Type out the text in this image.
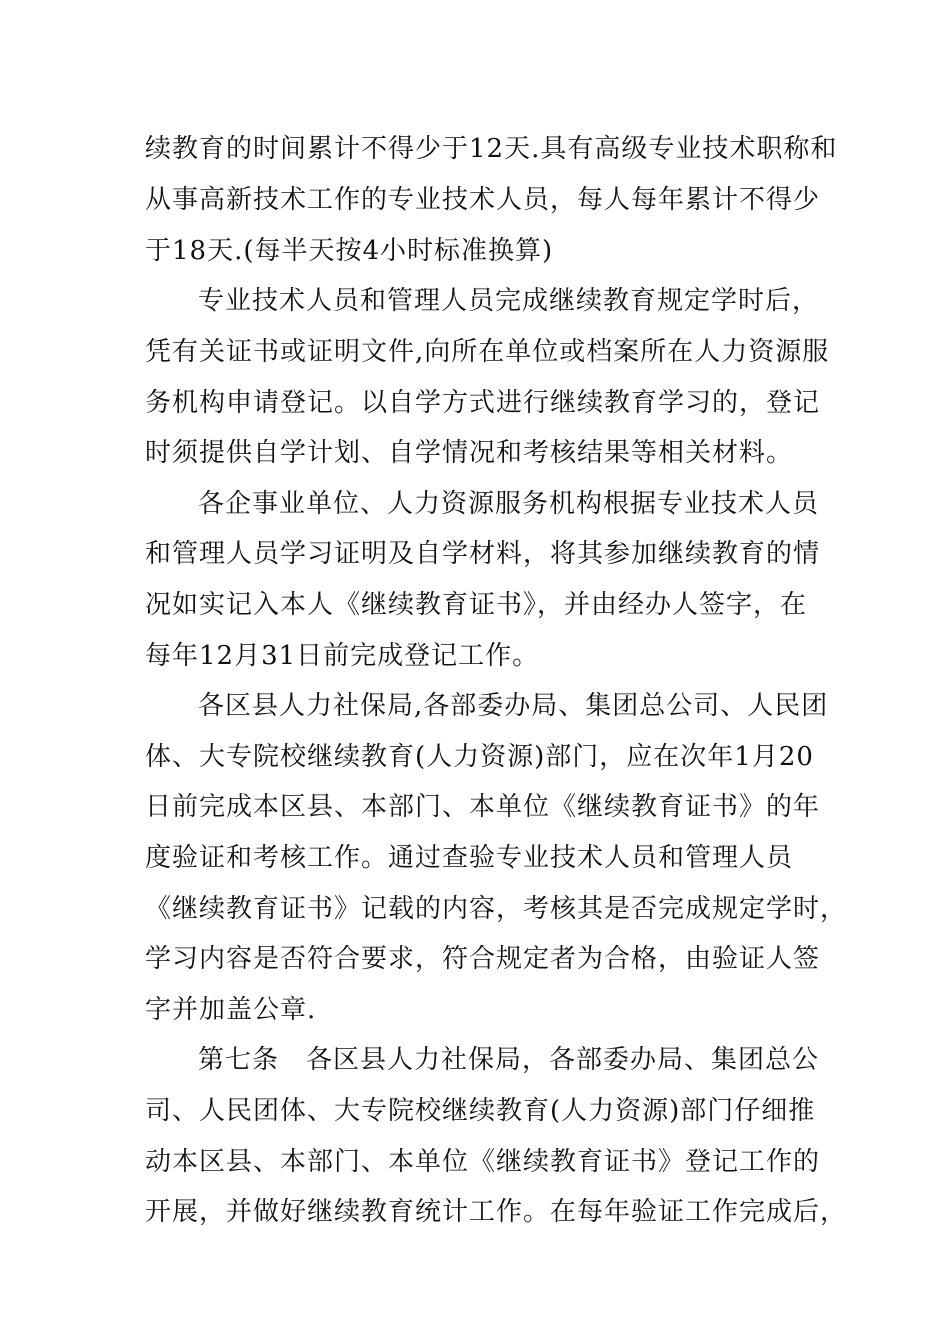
续教育的时间累计不得少于12天.具有高级专业技术职称和
从事高新技术工作的专业技术人员，每人每年累计不得少
于18天.(每半天按4小时标准换算)
专业技术人员和管理人员完成继续教育规定学时后，
凭有关证书或证明文件,向所在单位或档案所在人力资源服
务机构申请登记。以自学方式进行继续教育学习的，登记
时须提供自学计划、自学情况和考核结果等相关材料。
各企事业单位、人力资源服务机构根据专业技术人员
和管理人员学习证明及自学材料，将其参加继续教育的情
况如实记入本人《继续教育证书》，并由经办人签字，在
每年12月31日前完成登记工作。
各区县人力社保局,各部委办局、集团总公司、人民团
体、大专院校继续教育(人力资源)部门，应在次年1月20
日前完成本区县、本部门、本单位《继续教育证书》的年
度验证和考核工作。通过查验专业技术人员和管理人员
《继续教育证书》记载的内容，考核其是否完成规定学时，
学习内容是否符合要求，符合规定者为合格，由验证人签
字并加盖公章.
第七条　各区县人力社保局，各部委办局、集团总公
司、人民团体、大专院校继续教育(人力资源)部门仔细推
动本区县、本部门、本单位《继续教育证书》登记工作的
开展，并做好继续教育统计工作。在每年验证工作完成后，
